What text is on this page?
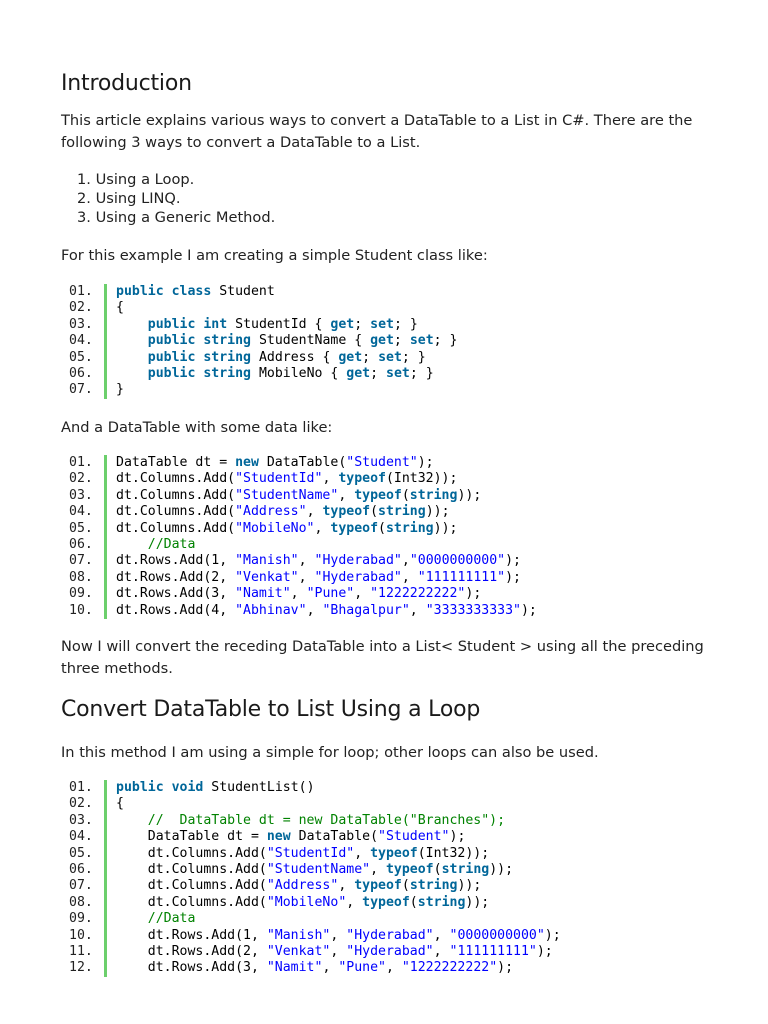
Introduction

This article explains various ways to convert a DataTable to a List in C#. There are the following 3 ways to convert a DataTable to a List.

1. Using a Loop.
2. Using LINQ.
3. Using a Generic Method.

For this example I am creating a simple Student class like:

01.	public class Student
02.	{
03.	public int StudentId { get; set; }
04.	public string StudentName { get; set; }
05.	public string Address { get; set; }
06.	public string MobileNo { get; set; }
07.	}

And a DataTable with some data like:

01.	DataTable dt = new DataTable("Student");
02.	dt.Columns.Add("StudentId", typeof(Int32));
03.	dt.Columns.Add("StudentName", typeof(string));
04.	dt.Columns.Add("Address", typeof(string));
05.	dt.Columns.Add("MobileNo", typeof(string));
06.	//Data
07.	dt.Rows.Add(1, "Manish", "Hyderabad","0000000000");
08.	dt.Rows.Add(2, "Venkat", "Hyderabad", "111111111");
09.	dt.Rows.Add(3, "Namit", "Pune", "1222222222");
10.	dt.Rows.Add(4, "Abhinav", "Bhagalpur", "3333333333");

Now I will convert the receding DataTable into a List< Student > using all the preceding three methods.

Convert DataTable to List Using a Loop

In this method I am using a simple for loop; other loops can also be used.

01.	public void StudentList()
02.	{
03.	//  DataTable dt = new DataTable("Branches");
04.	DataTable dt = new DataTable("Student");
05.	dt.Columns.Add("StudentId", typeof(Int32));
06.	dt.Columns.Add("StudentName", typeof(string));
07.	dt.Columns.Add("Address", typeof(string));
08.	dt.Columns.Add("MobileNo", typeof(string));
09.	//Data
10.	dt.Rows.Add(1, "Manish", "Hyderabad", "0000000000");
11.	dt.Rows.Add(2, "Venkat", "Hyderabad", "111111111");
12.	dt.Rows.Add(3, "Namit", "Pune", "1222222222");
